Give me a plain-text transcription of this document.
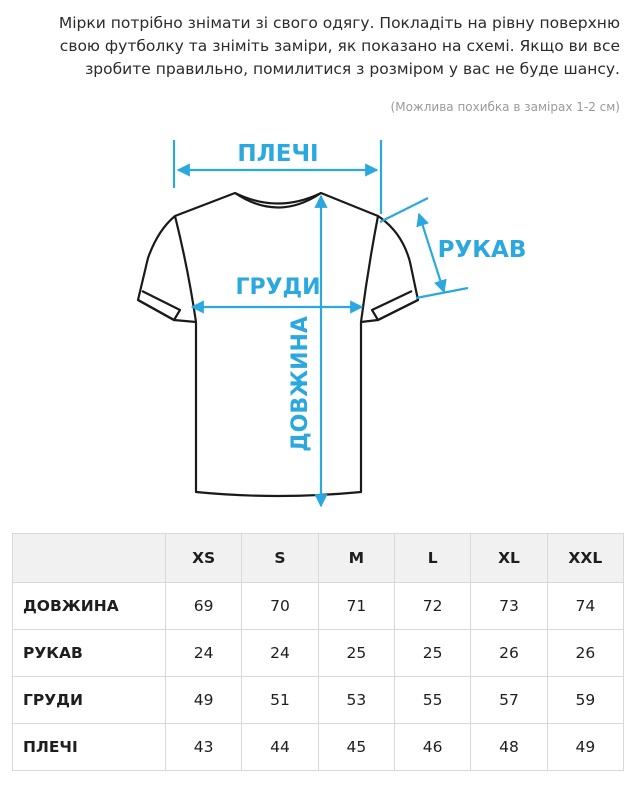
Мірки потрібно знімати зі свого одягу. Покладіть на рівну поверхню
свою футболку та зніміть заміри, як показано на схемі. Якщо ви все
зробите правильно, помилитися з розміром у вас не буде шансу.
(Можлива похибка в замірах 1-2 см)
ПЛЕЧІ
РУКАВ
ГРУДИ
ДОВЖИНА
	XS	S	M	L	XL	XXL
ДОВЖИНА	69	70	71	72	73	74
РУКАВ	24	24	25	25	26	26
ГРУДИ	49	51	53	55	57	59
ПЛЕЧІ	43	44	45	46	48	49
